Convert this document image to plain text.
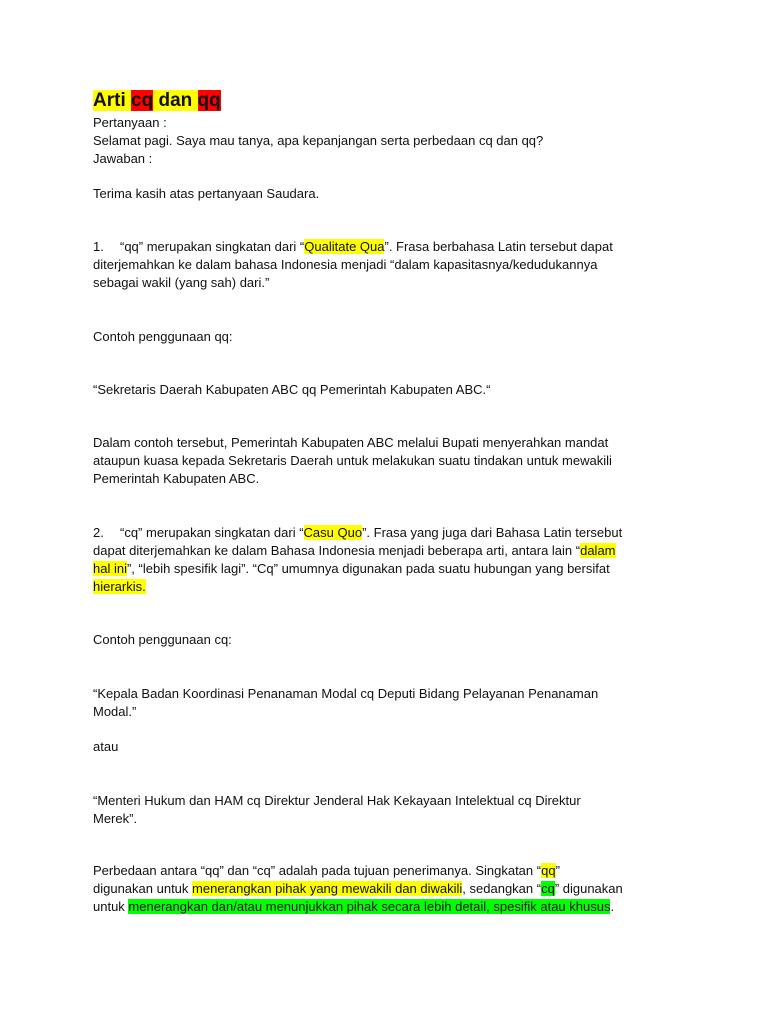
Arti cq dan qq
Pertanyaan :
Selamat pagi. Saya mau tanya, apa kepanjangan serta perbedaan cq dan qq?
Jawaban :
Terima kasih atas pertanyaan Saudara.
1. “qq” merupakan singkatan dari “Qualitate Qua”. Frasa berbahasa Latin tersebut dapat
diterjemahkan ke dalam bahasa Indonesia menjadi “dalam kapasitasnya/kedudukannya
sebagai wakil (yang sah) dari.”
Contoh penggunaan qq:
“Sekretaris Daerah Kabupaten ABC qq Pemerintah Kabupaten ABC.“
Dalam contoh tersebut, Pemerintah Kabupaten ABC melalui Bupati menyerahkan mandat
ataupun kuasa kepada Sekretaris Daerah untuk melakukan suatu tindakan untuk mewakili
Pemerintah Kabupaten ABC.
2. “cq” merupakan singkatan dari “Casu Quo”. Frasa yang juga dari Bahasa Latin tersebut
dapat diterjemahkan ke dalam Bahasa Indonesia menjadi beberapa arti, antara lain “dalam
hal ini”, “lebih spesifik lagi”. “Cq” umumnya digunakan pada suatu hubungan yang bersifat
hierarkis.
Contoh penggunaan cq:
“Kepala Badan Koordinasi Penanaman Modal cq Deputi Bidang Pelayanan Penanaman
Modal.”
atau
“Menteri Hukum dan HAM cq Direktur Jenderal Hak Kekayaan Intelektual cq Direktur
Merek”.
Perbedaan antara “qq” dan “cq” adalah pada tujuan penerimanya. Singkatan “qq”
digunakan untuk menerangkan pihak yang mewakili dan diwakili, sedangkan “cq” digunakan
untuk menerangkan dan/atau menunjukkan pihak secara lebih detail, spesifik atau khusus.
